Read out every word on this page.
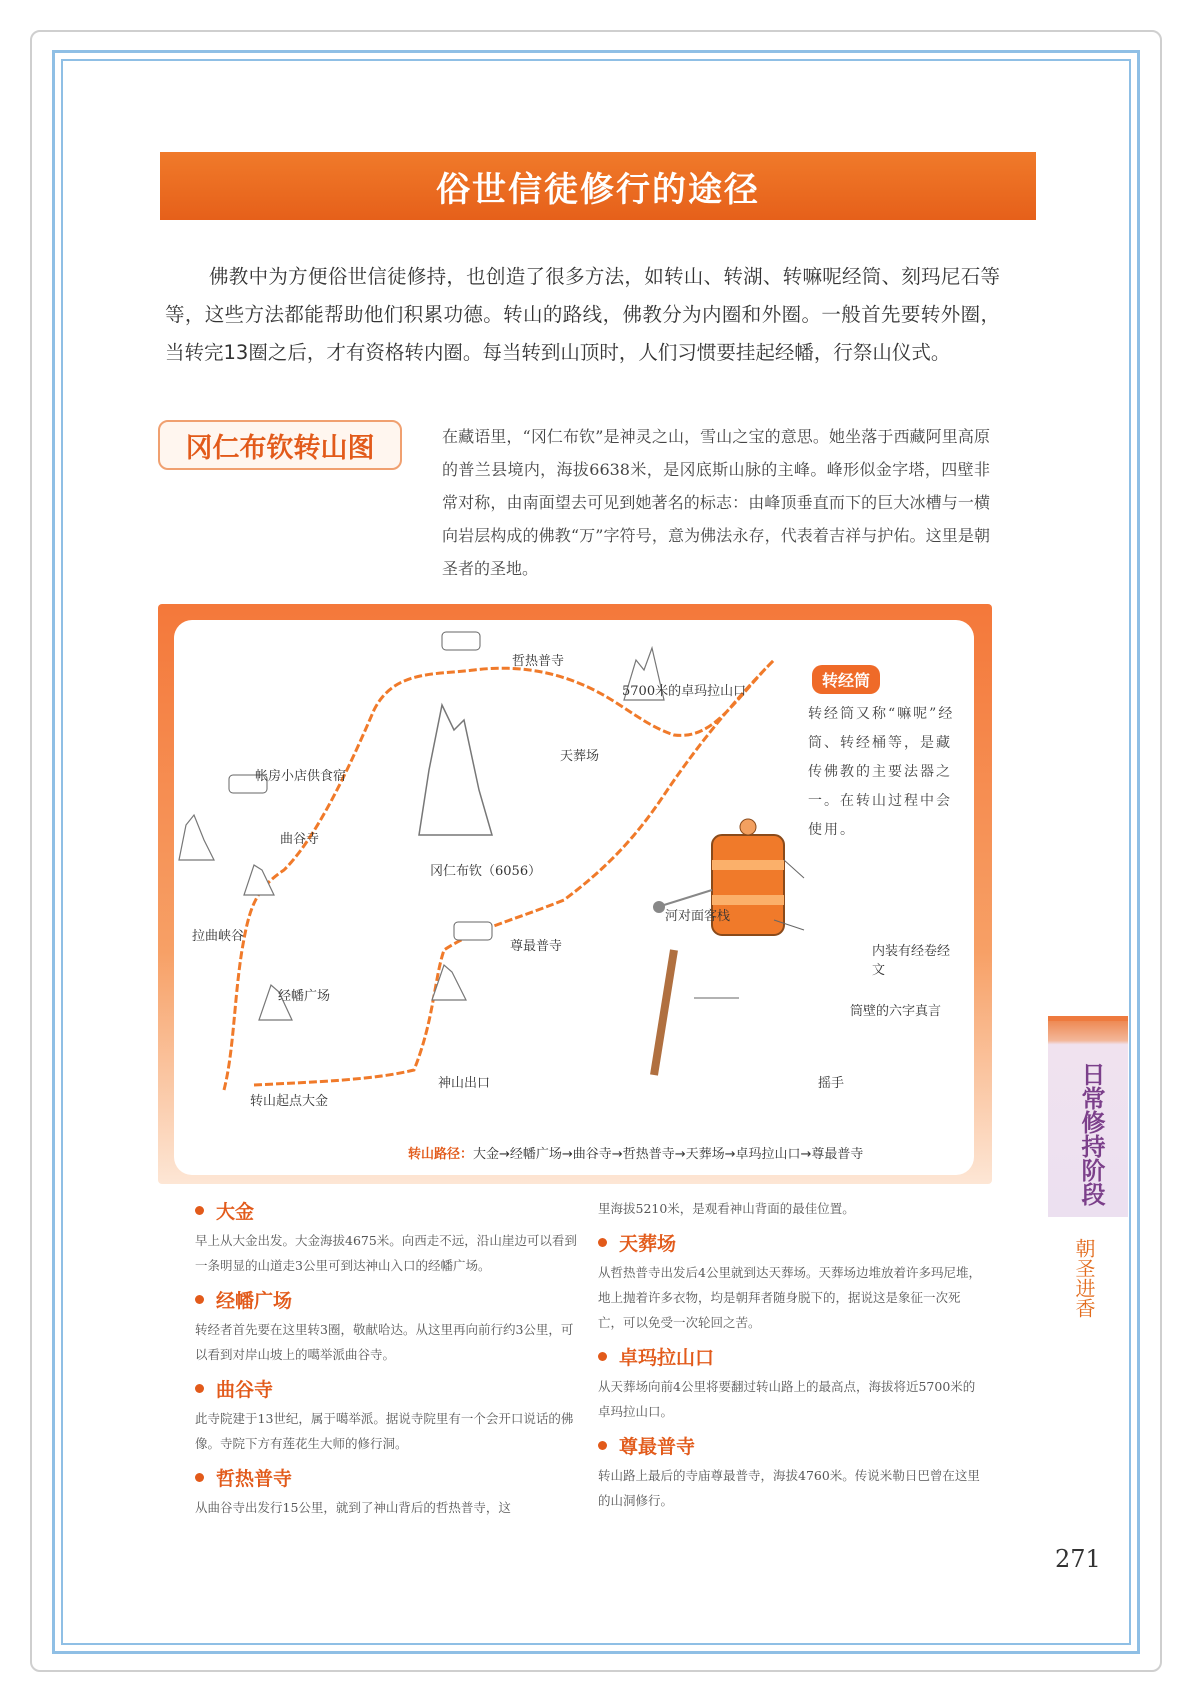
俗世信徒修行的途径

佛教中为方便俗世信徒修持，也创造了很多方法，如转山、转湖、转嘛呢经筒、刻玛尼石等等，这些方法都能帮助他们积累功德。转山的路线，佛教分为内圈和外圈。一般首先要转外圈，当转完13圈之后，才有资格转内圈。每当转到山顶时，人们习惯要挂起经幡，行祭山仪式。

冈仁布钦转山图	在藏语里，“冈仁布钦”是神灵之山，雪山之宝的意思。她坐落于西藏阿里高原的普兰县境内，海拔6638米，是冈底斯山脉的主峰。峰形似金字塔，四壁非常对称，由南面望去可见到她著名的标志：由峰顶垂直而下的巨大冰槽与一横向岩层构成的佛教“万”字符号，意为佛法永存，代表着吉祥与护佑。这里是朝圣者的圣地。

哲热普寺
5700米的卓玛拉山口
天葬场
帐房小店供食宿
曲谷寺
冈仁布钦（6056）
拉曲峡谷
河对面客栈
尊最普寺
经幡广场
神山出口
转山起点大金
内装有经卷经文
筒壁的六字真言
摇手
转经筒

转经筒又称“嘛呢”经筒、转经桶等，是藏传佛教的主要法器之一。在转山过程中会使用。

转山路径：大金→经幡广场→曲谷寺→哲热普寺→天葬场→卓玛拉山口→尊最普寺
大金

早上从大金出发。大金海拔4675米。向西走不远，沿山崖边可以看到一条明显的山道走3公里可到达神山入口的经幡广场。

经幡广场

转经者首先要在这里转3圈，敬献哈达。从这里再向前行约3公里，可以看到对岸山坡上的噶举派曲谷寺。

曲谷寺

此寺院建于13世纪，属于噶举派。据说寺院里有一个会开口说话的佛像。寺院下方有莲花生大师的修行洞。

哲热普寺

从曲谷寺出发行15公里，就到了神山背后的哲热普寺，这

里海拔5210米，是观看神山背面的最佳位置。

天葬场

从哲热普寺出发后4公里就到达天葬场。天葬场边堆放着许多玛尼堆，地上抛着许多衣物，均是朝拜者随身脱下的，据说这是象征一次死亡，可以免受一次轮回之苦。

卓玛拉山口

从天葬场向前4公里将要翻过转山路上的最高点，海拔将近5700米的卓玛拉山口。

尊最普寺

转山路上最后的寺庙尊最普寺，海拔4760米。传说米勒日巴曾在这里的山洞修行。

日常修持阶段
朝圣进香
271
